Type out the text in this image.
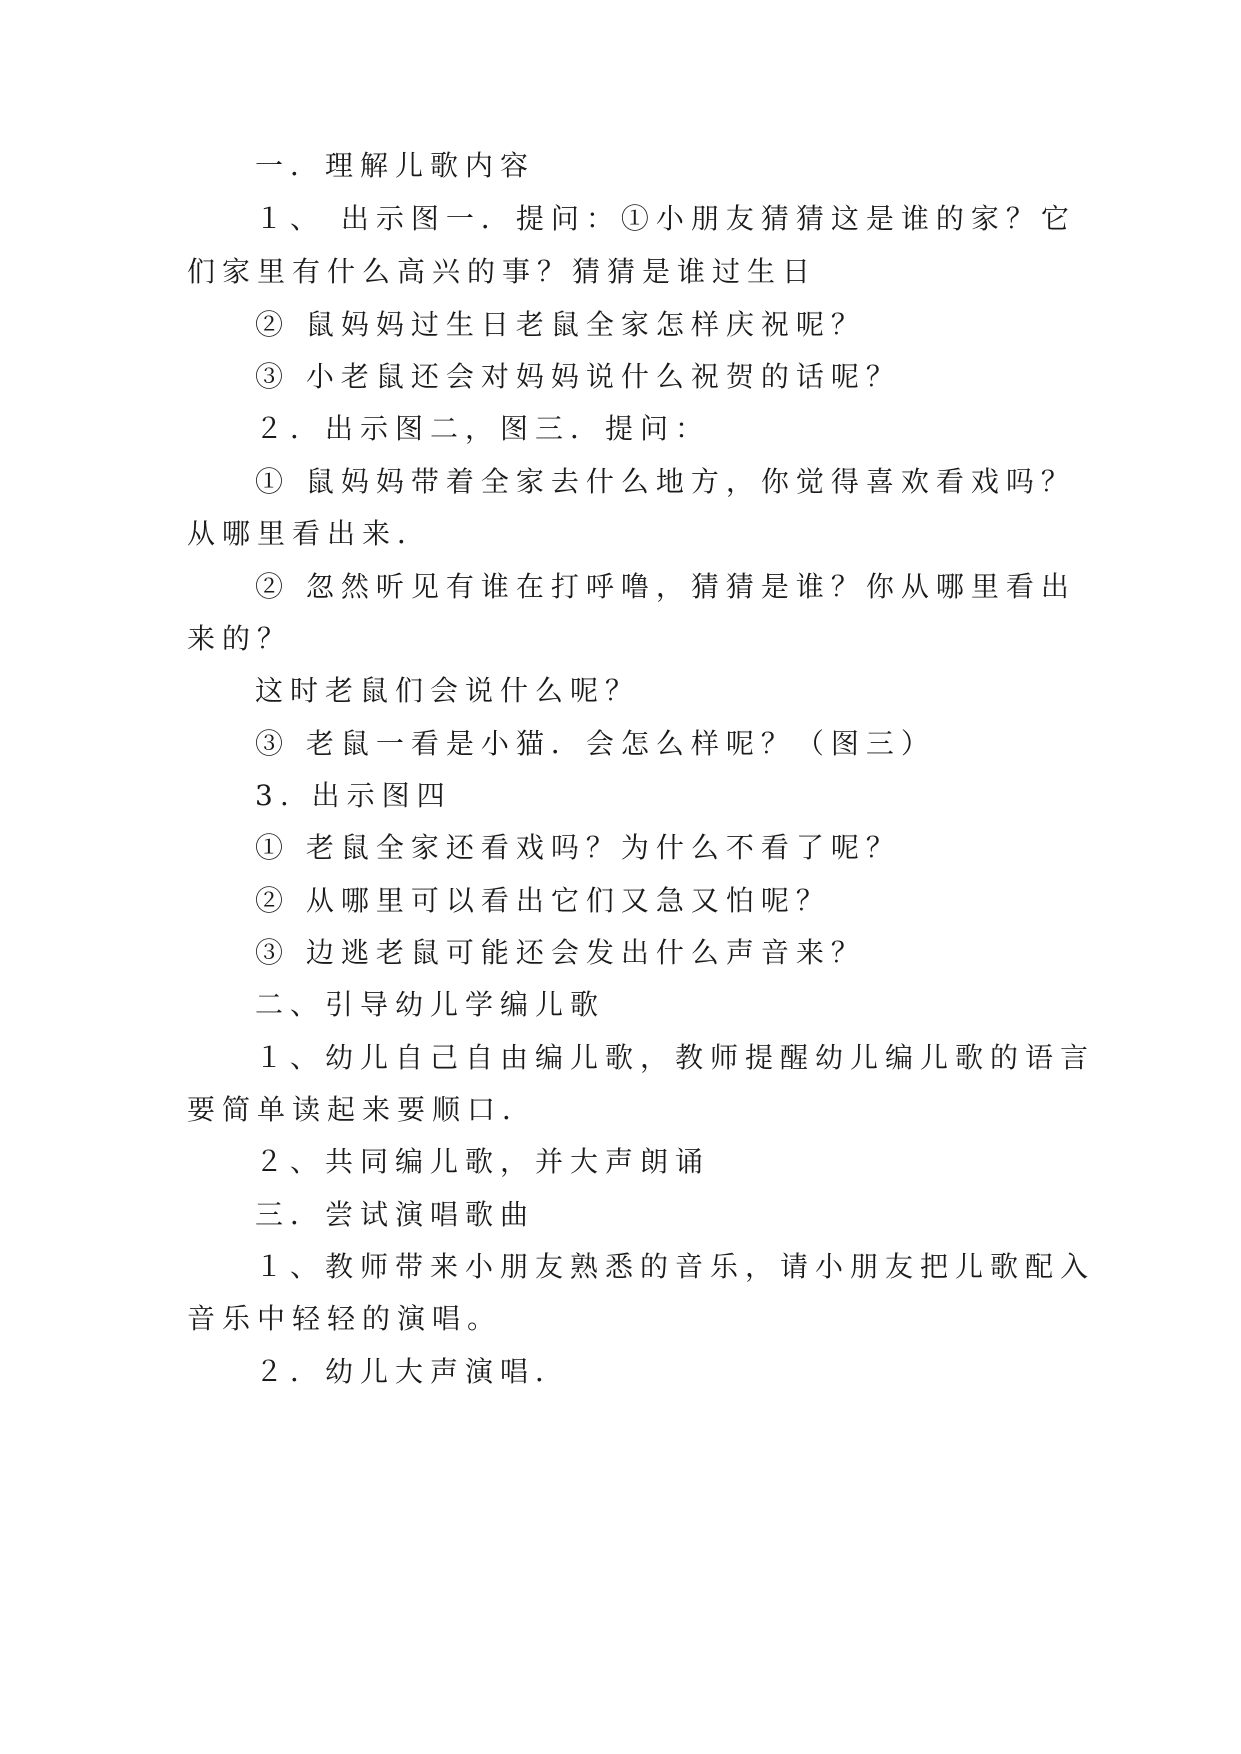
一．理解儿歌内容

１、 出示图一．提问：①小朋友猜猜这是谁的家？它

们家里有什么高兴的事？猜猜是谁过生日

② 鼠妈妈过生日老鼠全家怎样庆祝呢？

③ 小老鼠还会对妈妈说什么祝贺的话呢？

２．出示图二，图三．提问：

① 鼠妈妈带着全家去什么地方，你觉得喜欢看戏吗？

从哪里看出来．

② 忽然听见有谁在打呼噜，猜猜是谁？你从哪里看出

来的？

这时老鼠们会说什么呢？

③ 老鼠一看是小猫．会怎么样呢？（图三）

3. 出示图四

① 老鼠全家还看戏吗？为什么不看了呢？

② 从哪里可以看出它们又急又怕呢？

③ 边逃老鼠可能还会发出什么声音来？

二、引导幼儿学编儿歌

１、幼儿自己自由编儿歌，教师提醒幼儿编儿歌的语言

要简单读起来要顺口．

２、共同编儿歌，并大声朗诵

三．尝试演唱歌曲

１、教师带来小朋友熟悉的音乐，请小朋友把儿歌配入

音乐中轻轻的演唱。

２．幼儿大声演唱．
